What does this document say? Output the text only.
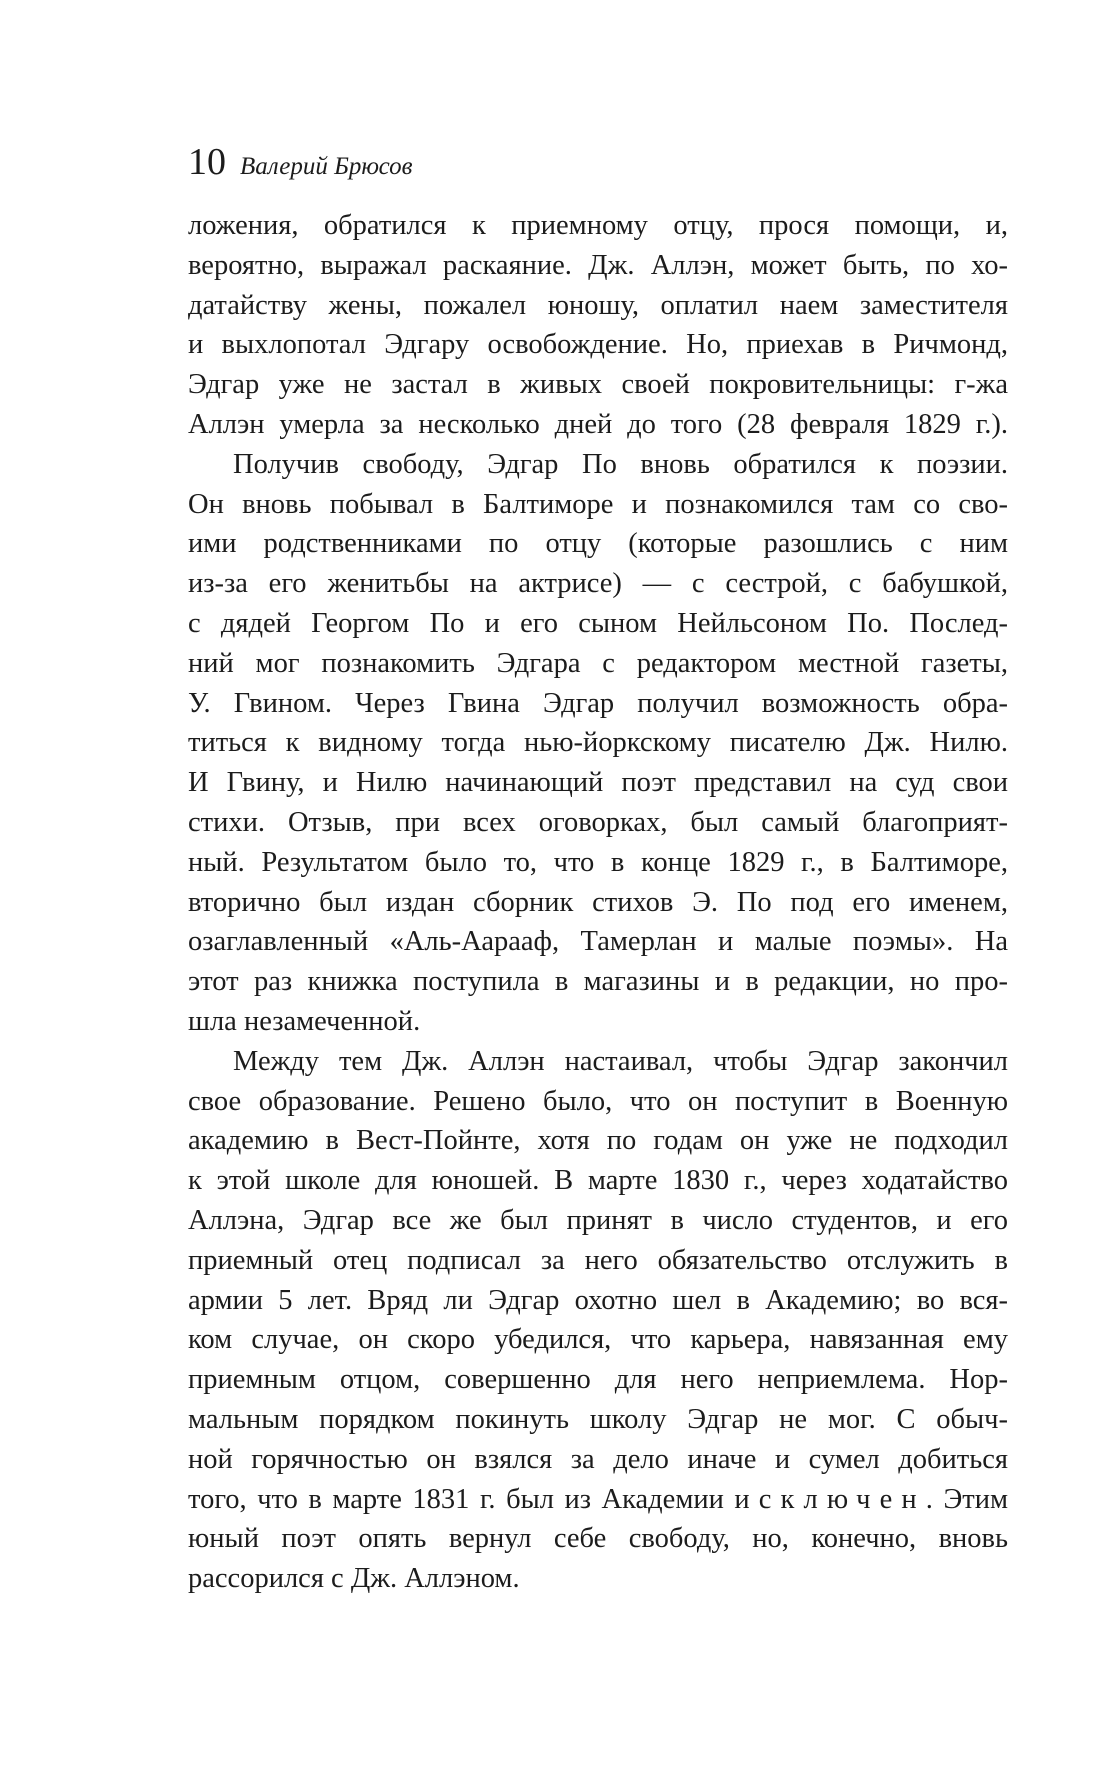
10 Валерий Брюсов
ложения, обратился к приемному отцу, прося помощи, и,
вероятно, выражал раскаяние. Дж. Аллэн, может быть, по хо-
датайству жены, пожалел юношу, оплатил наем заместителя
и выхлопотал Эдгару освобождение. Но, приехав в Ричмонд,
Эдгар уже не застал в живых своей покровительницы: г-жа
Аллэн умерла за несколько дней до того (28 февраля 1829 г.).
Получив свободу, Эдгар По вновь обратился к поэзии.
Он вновь побывал в Балтиморе и познакомился там со сво-
ими родственниками по отцу (которые разошлись с ним
из-за его женитьбы на актрисе) — с сестрой, с бабушкой,
с дядей Георгом По и его сыном Нейльсоном По. Послед-
ний мог познакомить Эдгара с редактором местной газеты,
У. Гвином. Через Гвина Эдгар получил возможность обра-
титься к видному тогда нью-йоркскому писателю Дж. Нилю.
И Гвину, и Нилю начинающий поэт представил на суд свои
стихи. Отзыв, при всех оговорках, был самый благоприят-
ный. Результатом было то, что в конце 1829 г., в Балтиморе,
вторично был издан сборник стихов Э. По под его именем,
озаглавленный «Аль-Аарааф, Тамерлан и малые поэмы». На
этот раз книжка поступила в магазины и в редакции, но про-
шла незамеченной.
Между тем Дж. Аллэн настаивал, чтобы Эдгар закончил
свое образование. Решено было, что он поступит в Военную
академию в Вест-Пойнте, хотя по годам он уже не подходил
к этой школе для юношей. В марте 1830 г., через ходатайство
Аллэна, Эдгар все же был принят в число студентов, и его
приемный отец подписал за него обязательство отслужить в
армии 5 лет. Вряд ли Эдгар охотно шел в Академию; во вся-
ком случае, он скоро убедился, что карьера, навязанная ему
приемным отцом, совершенно для него неприемлема. Нор-
мальным порядком покинуть школу Эдгар не мог. С обыч-
ной горячностью он взялся за дело иначе и сумел добиться
того, что в марте 1831 г. был из Академии исключен. Этим
юный поэт опять вернул себе свободу, но, конечно, вновь
рассорился с Дж. Аллэном.
